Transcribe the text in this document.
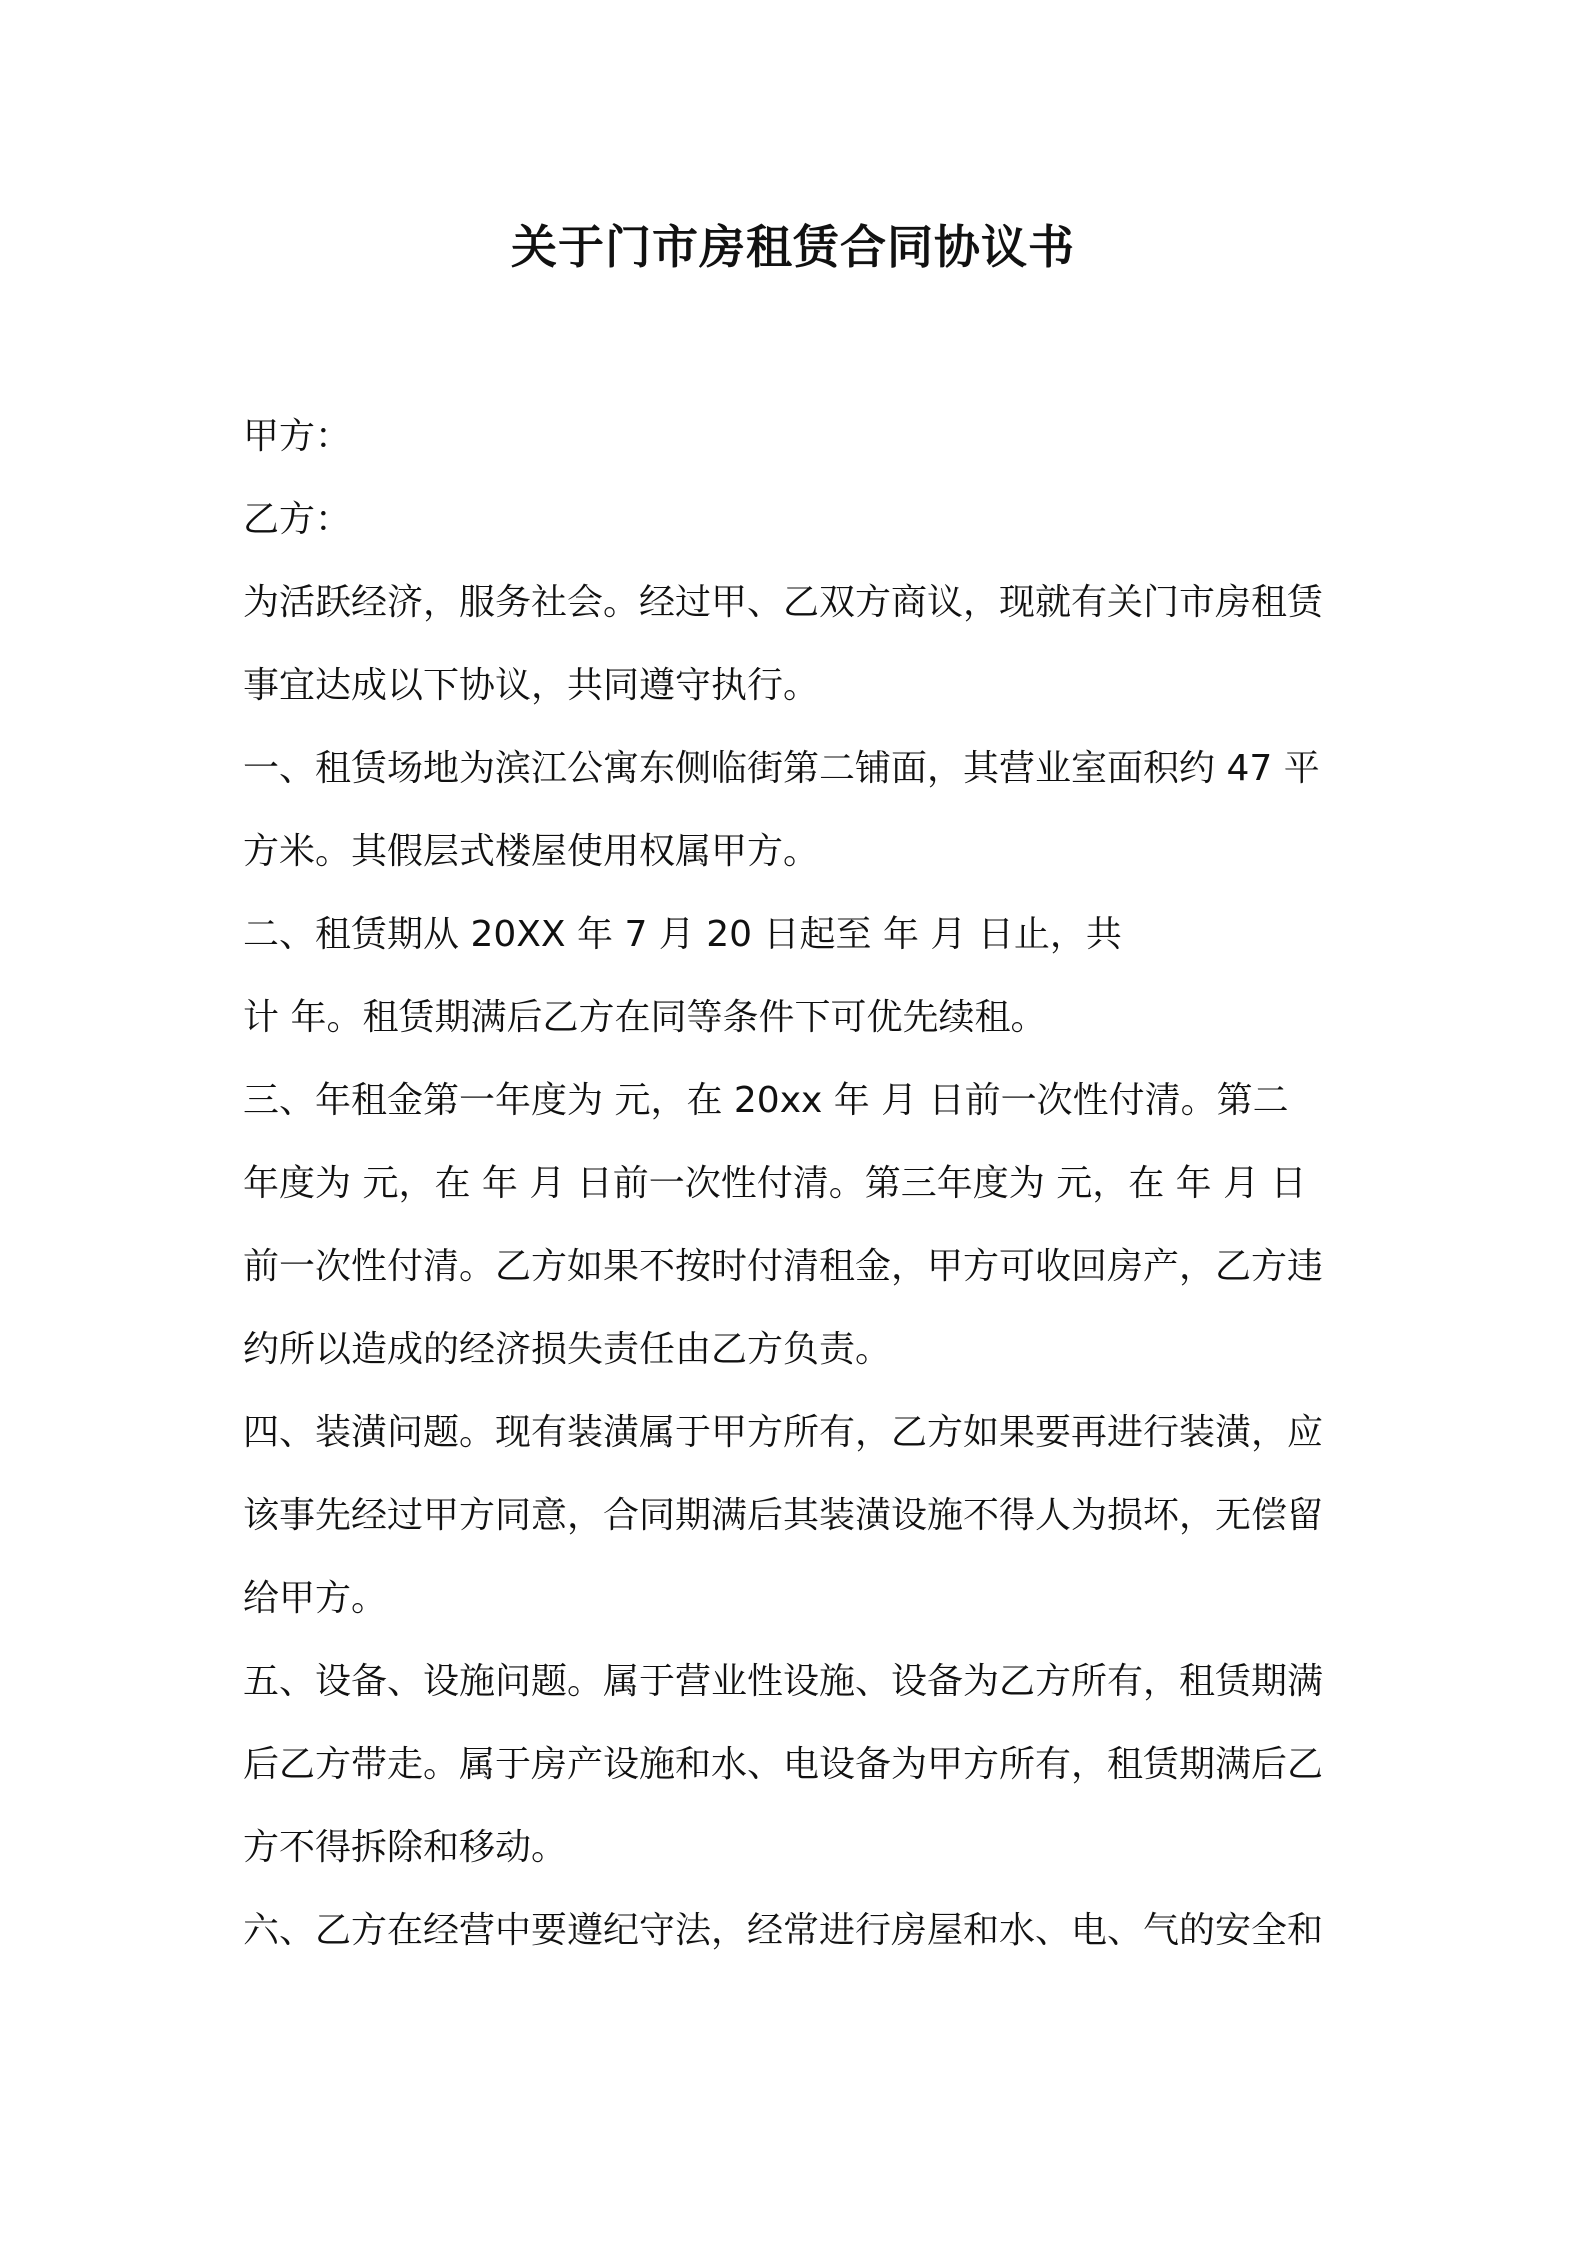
关于门市房租赁合同协议书
甲方：
乙方：
为活跃经济，服务社会。经过甲、乙双方商议，现就有关门市房租赁
事宜达成以下协议，共同遵守执行。
一、租赁场地为滨江公寓东侧临街第二铺面，其营业室面积约 47 平
方米。其假层式楼屋使用权属甲方。
二、租赁期从 20XX 年 7 月 20 日起至 年 月 日止，共
计 年。租赁期满后乙方在同等条件下可优先续租。
三、年租金第一年度为 元，在 20xx 年 月 日前一次性付清。第二
年度为 元，在 年 月 日前一次性付清。第三年度为 元，在 年 月 日
前一次性付清。乙方如果不按时付清租金，甲方可收回房产，乙方违
约所以造成的经济损失责任由乙方负责。
四、装潢问题。现有装潢属于甲方所有，乙方如果要再进行装潢，应
该事先经过甲方同意，合同期满后其装潢设施不得人为损坏，无偿留
给甲方。
五、设备、设施问题。属于营业性设施、设备为乙方所有，租赁期满
后乙方带走。属于房产设施和水、电设备为甲方所有，租赁期满后乙
方不得拆除和移动。
六、乙方在经营中要遵纪守法，经常进行房屋和水、电、气的安全和
